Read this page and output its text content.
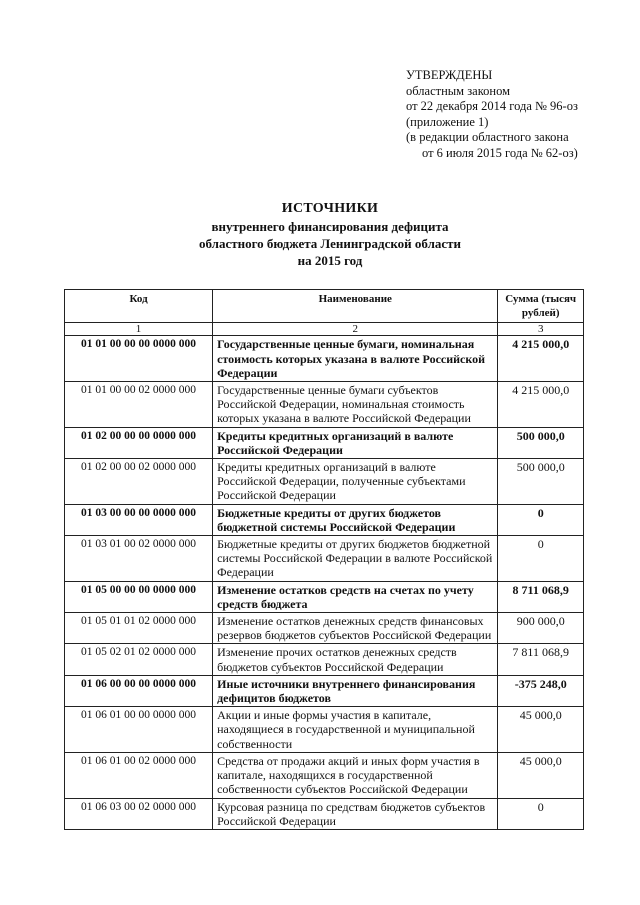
УТВЕРЖДЕНЫ
областным законом
от 22 декабря 2014 года № 96-оз
(приложение 1)
(в редакции областного закона
от 6 июля 2015 года № 62-оз)
ИСТОЧНИКИ
внутреннего финансирования дефицита
областного бюджета Ленинградской области
на 2015 год
Код	Наименование	Сумма (тысяч рублей)
1	2	3
01 01 00 00 00 0000 000	Государственные ценные бумаги, номинальная стоимость которых указана в валюте Российской Федерации	4 215 000,0
01 01 00 00 02 0000 000	Государственные ценные бумаги субъектов Российской Федерации, номинальная стоимость которых указана в валюте Российской Федерации	4 215 000,0
01 02 00 00 00 0000 000	Кредиты кредитных организаций в валюте Российской Федерации	500 000,0
01 02 00 00 02 0000 000	Кредиты кредитных организаций в валюте Российской Федерации, полученные субъектами Российской Федерации	500 000,0
01 03 00 00 00 0000 000	Бюджетные кредиты от других бюджетов бюджетной системы Российской Федерации	0
01 03 01 00 02 0000 000	Бюджетные кредиты от других бюджетов бюджетной системы Российской Федерации в валюте Российской Федерации	0
01 05 00 00 00 0000 000	Изменение остатков средств на счетах по учету средств бюджета	8 711 068,9
01 05 01 01 02 0000 000	Изменение остатков денежных средств финансовых резервов бюджетов субъектов Российской Федерации	900 000,0
01 05 02 01 02 0000 000	Изменение прочих остатков денежных средств бюджетов субъектов Российской Федерации	7 811 068,9
01 06 00 00 00 0000 000	Иные источники внутреннего финансирования дефицитов бюджетов	-375 248,0
01 06 01 00 00 0000 000	Акции и иные формы участия в капитале, находящиеся в государственной и муниципальной собственности	45 000,0
01 06 01 00 02 0000 000	Средства от продажи акций и иных форм участия в капитале, находящихся в государственной собственности субъектов Российской Федерации	45 000,0
01 06 03 00 02 0000 000	Курсовая разница по средствам бюджетов субъектов Российской Федерации	0
